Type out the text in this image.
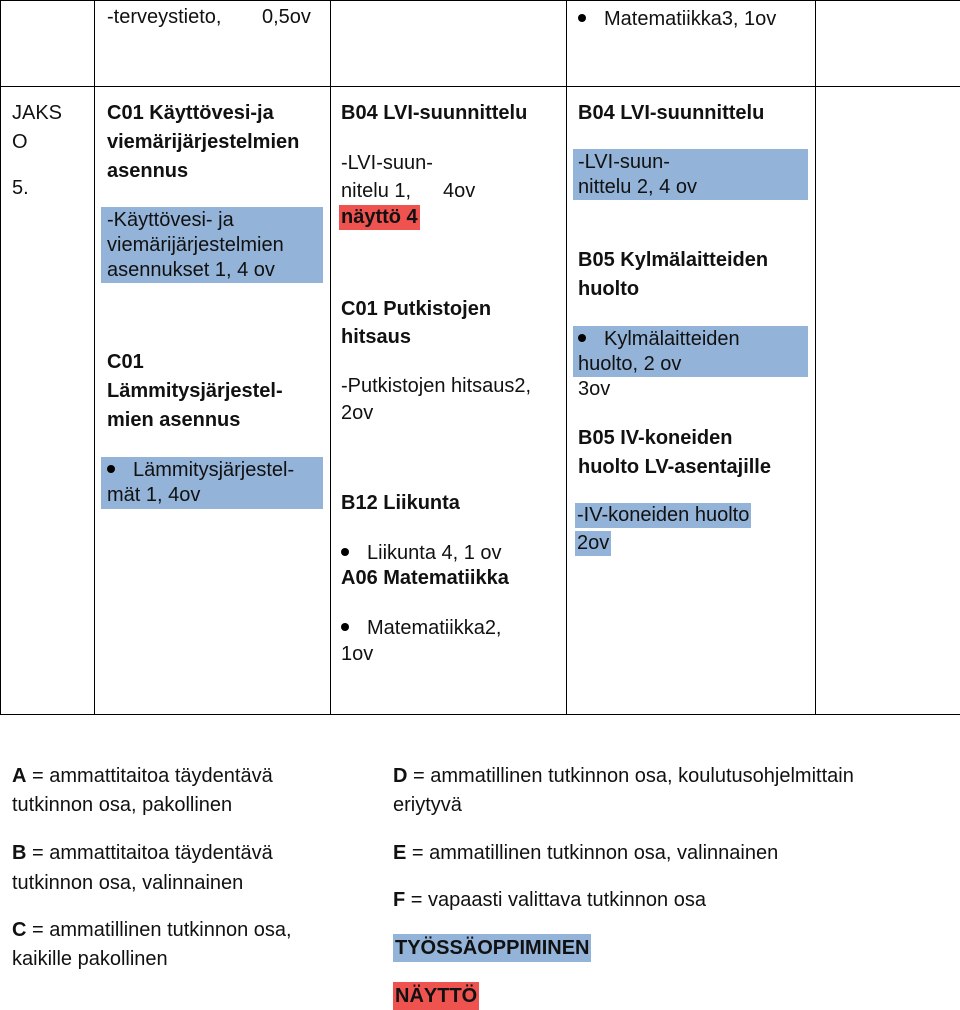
-terveystieto, 0,5ov	Matematiikka3, 1ov
JAKS
O
5.
C01 Käyttövesi-ja
viemärijärjestelmien
asennus
-Käyttövesi- ja
viemärijärjestelmien
asennukset 1, 4 ov
C01
Lämmitysjärjestel-
mien asennus
Lämmitysjärjestel-
mät 1, 4ov
B04 LVI-suunnittelu
-LVI-suun-
nitelu 1, 4ov
näyttö 4
C01 Putkistojen
hitsaus
-Putkistojen hitsaus2,
2ov
B12 Liikunta
Liikunta 4, 1 ov
A06 Matematiikka
Matematiikka2,
1ov
B04 LVI-suunnittelu
-LVI-suun-
nittelu 2, 4 ov
B05 Kylmälaitteiden
huolto
Kylmälaitteiden
huolto, 2 ov
3ov
B05 IV-koneiden
huolto LV-asentajille
-IV-koneiden huolto
2ov
A = ammattitaitoa täydentävä
tutkinnon osa, pakollinen
B = ammattitaitoa täydentävä
tutkinnon osa, valinnainen
C = ammatillinen tutkinnon osa,
kaikille pakollinen
D = ammatillinen tutkinnon osa, koulutusohjelmittain
eriytyvä
E = ammatillinen tutkinnon osa, valinnainen
F = vapaasti valittava tutkinnon osa
TYÖSSÄOPPIMINEN
NÄYTTÖ
